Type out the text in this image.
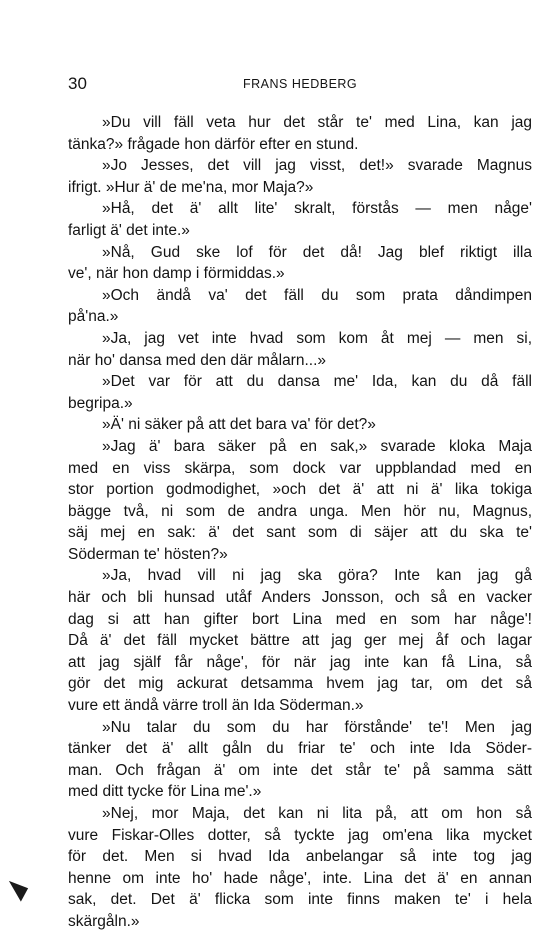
30	FRANS HEDBERG
»Du vill fäll veta hur det står te' med Lina, kan jag
tänka?» frågade hon därför efter en stund.
»Jo Jesses, det vill jag visst, det!» svarade Magnus
ifrigt. »Hur ä' de me'na, mor Maja?»
»Hå, det ä' allt lite' skralt, förstås — men någe'
farligt ä' det inte.»
»Nå, Gud ske lof för det då! Jag blef riktigt illa
ve', när hon damp i förmiddas.»
»Och ändå va' det fäll du som prata dåndimpen
på'na.»
»Ja, jag vet inte hvad som kom åt mej — men si,
när ho' dansa med den där målarn...»
»Det var för att du dansa me' Ida, kan du då fäll
begripa.»
»Ä' ni säker på att det bara va' för det?»
»Jag ä' bara säker på en sak,» svarade kloka Maja
med en viss skärpa, som dock var uppblandad med en
stor portion godmodighet, »och det ä' att ni ä' lika tokiga
bägge två, ni som de andra unga. Men hör nu, Magnus,
säj mej en sak: ä' det sant som di säjer att du ska te'
Söderman te' hösten?»
»Ja, hvad vill ni jag ska göra? Inte kan jag gå
här och bli hunsad utåf Anders Jonsson, och så en vacker
dag si att han gifter bort Lina med en som har någe'!
Då ä' det fäll mycket bättre att jag ger mej åf och lagar
att jag själf får någe', för när jag inte kan få Lina, så
gör det mig ackurat detsamma hvem jag tar, om det så
vure ett ändå värre troll än Ida Söderman.»
»Nu talar du som du har förstånde' te'! Men jag
tänker det ä' allt gåln du friar te' och inte Ida Söder-
man. Och frågan ä' om inte det står te' på samma sätt
med ditt tycke för Lina me'.»
»Nej, mor Maja, det kan ni lita på, att om hon så
vure Fiskar-Olles dotter, så tyckte jag om'ena lika mycket
för det. Men si hvad Ida anbelangar så inte tog jag
henne om inte ho' hade någe', inte. Lina det ä' en annan
sak, det. Det ä' flicka som inte finns maken te' i hela
skärgåln.»
